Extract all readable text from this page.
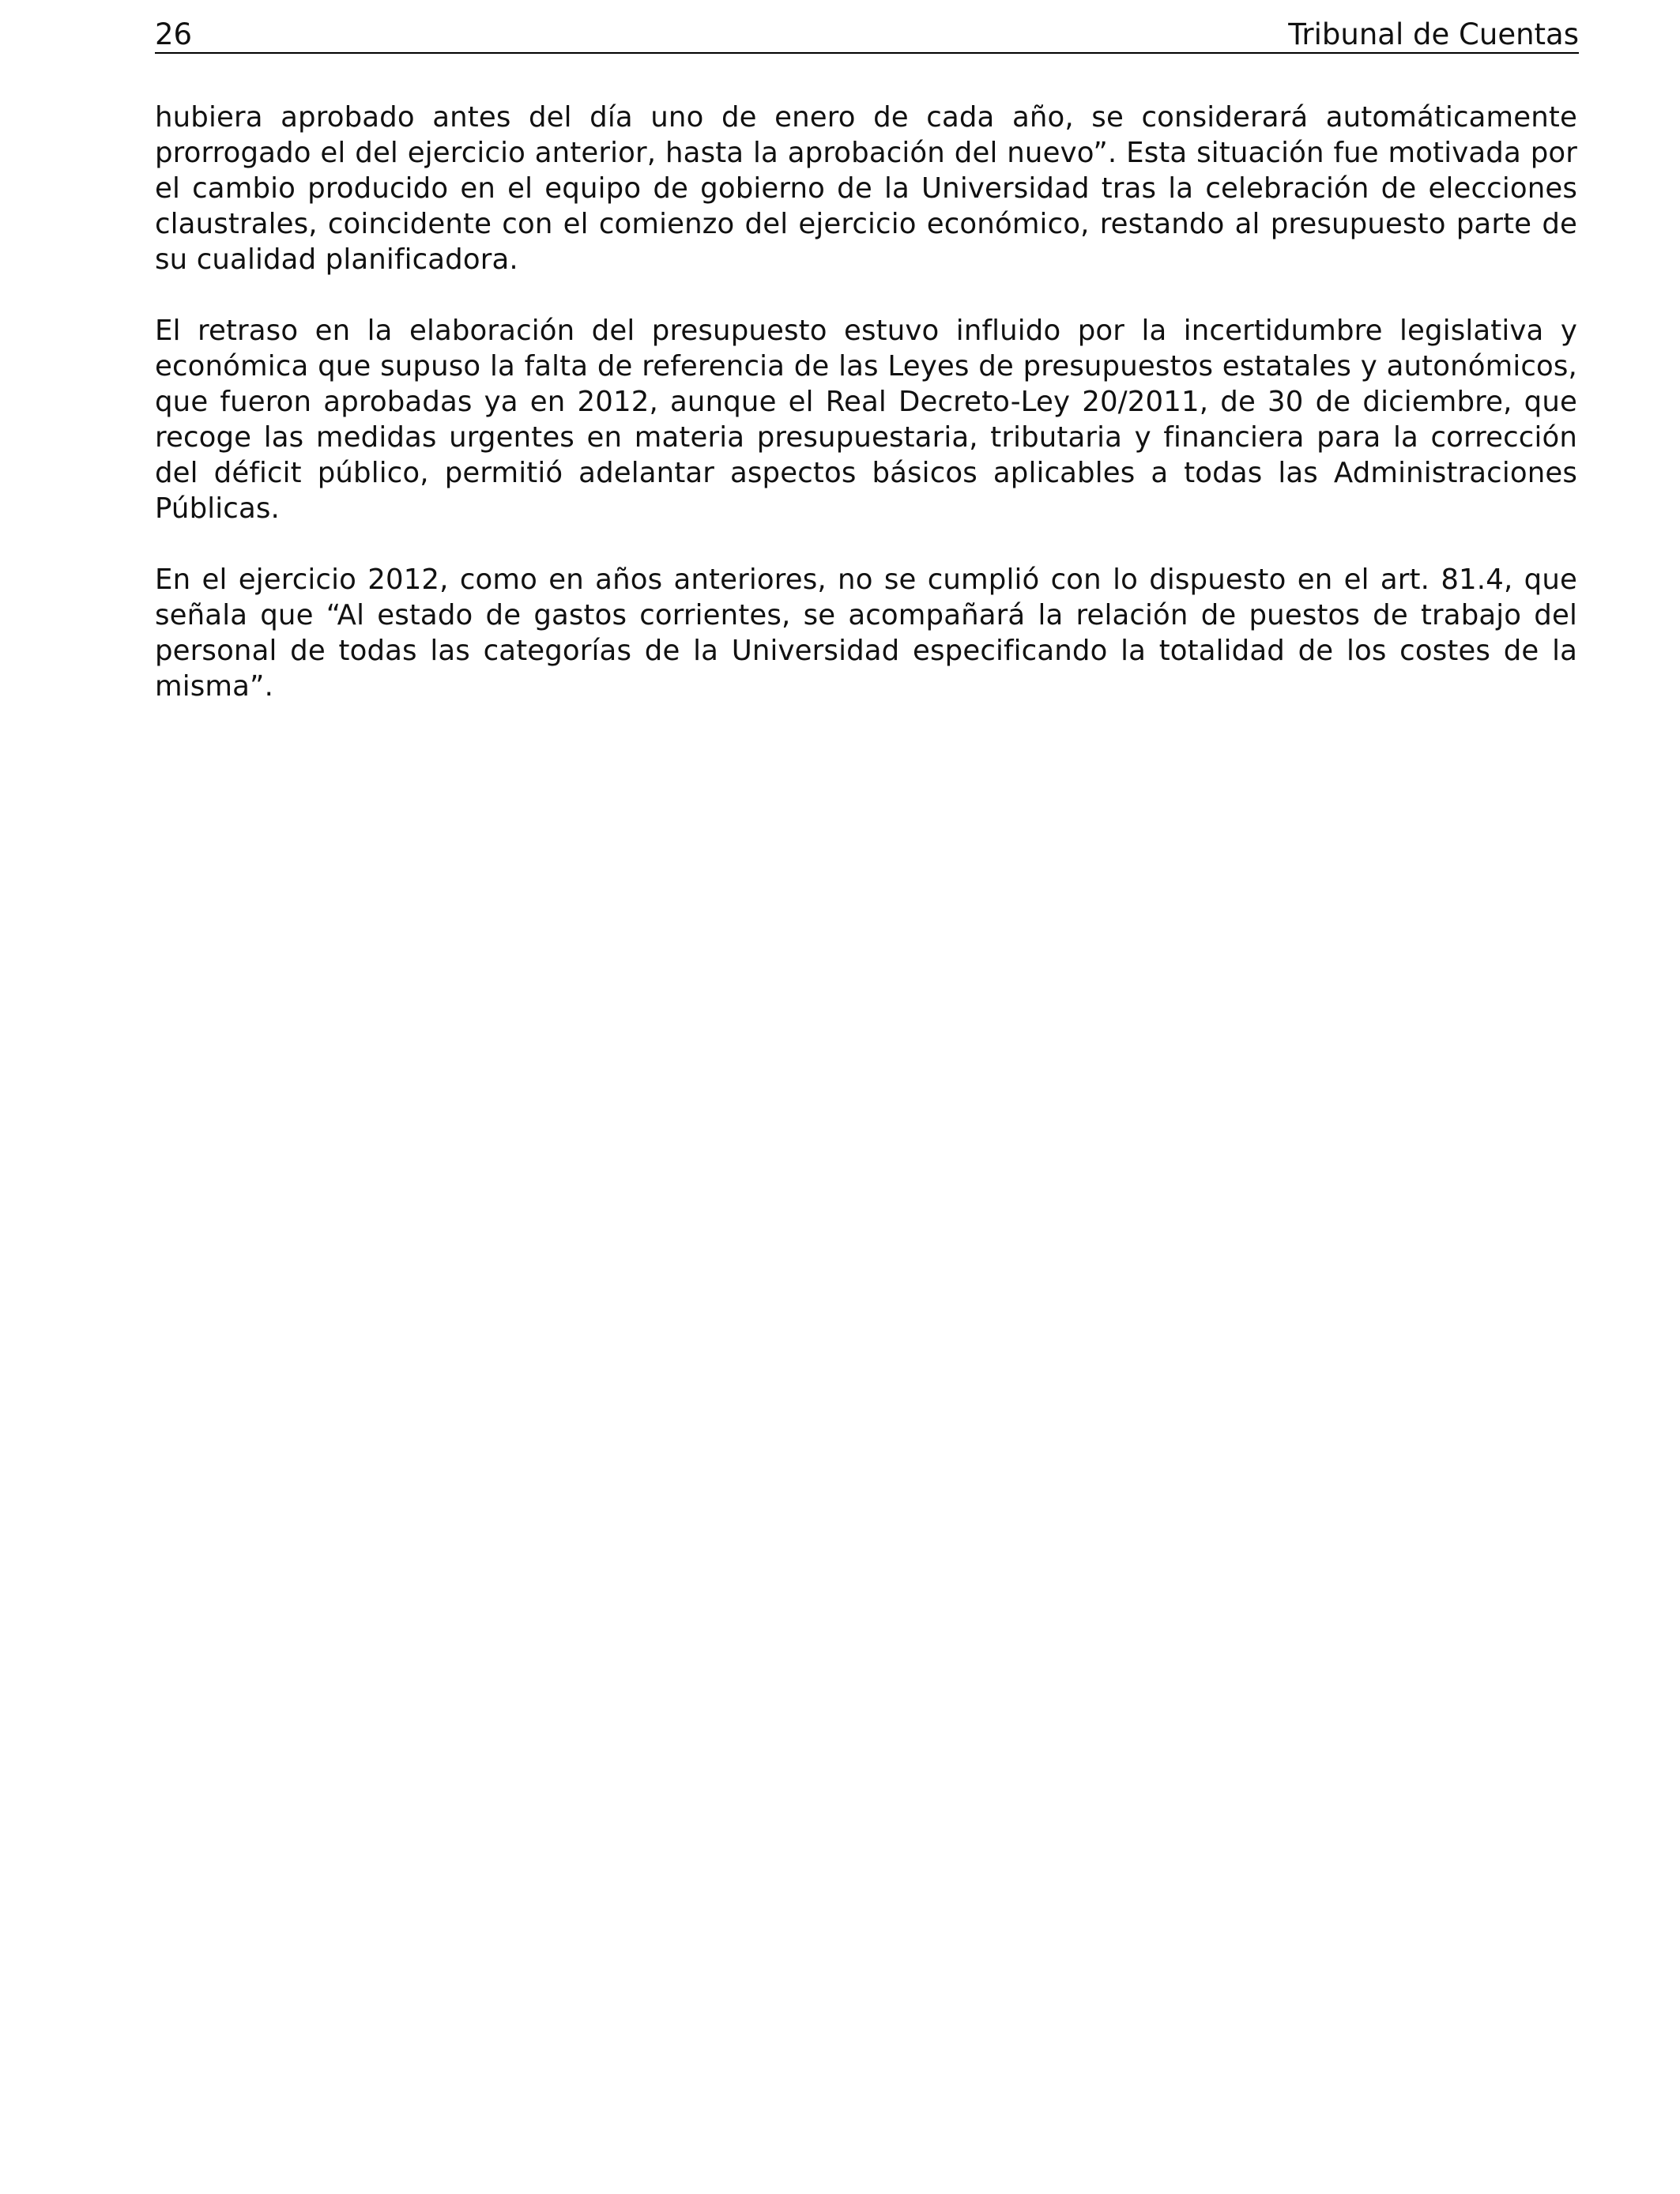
26	Tribunal de Cuentas

hubiera aprobado antes del día uno de enero de cada año, se considerará automáticamente prorrogado el del ejercicio anterior, hasta la aprobación del nuevo”. Esta situación fue motivada por el cambio producido en el equipo de gobierno de la Universidad tras la celebración de elecciones claustrales, coincidente con el comienzo del ejercicio económico, restando al presupuesto parte de su cualidad planificadora.

El retraso en la elaboración del presupuesto estuvo influido por la incertidumbre legislativa y económica que supuso la falta de referencia de las Leyes de presupuestos estatales y autonómicos, que fueron aprobadas ya en 2012, aunque el Real Decreto-Ley 20/2011, de 30 de diciembre, que recoge las medidas urgentes en materia presupuestaria, tributaria y financiera para la corrección del déficit público, permitió adelantar aspectos básicos aplicables a todas las Administraciones Públicas.

En el ejercicio 2012, como en años anteriores, no se cumplió con lo dispuesto en el art. 81.4, que señala que “Al estado de gastos corrientes, se acompañará la relación de puestos de trabajo del personal de todas las categorías de la Universidad especificando la totalidad de los costes de la misma”.
